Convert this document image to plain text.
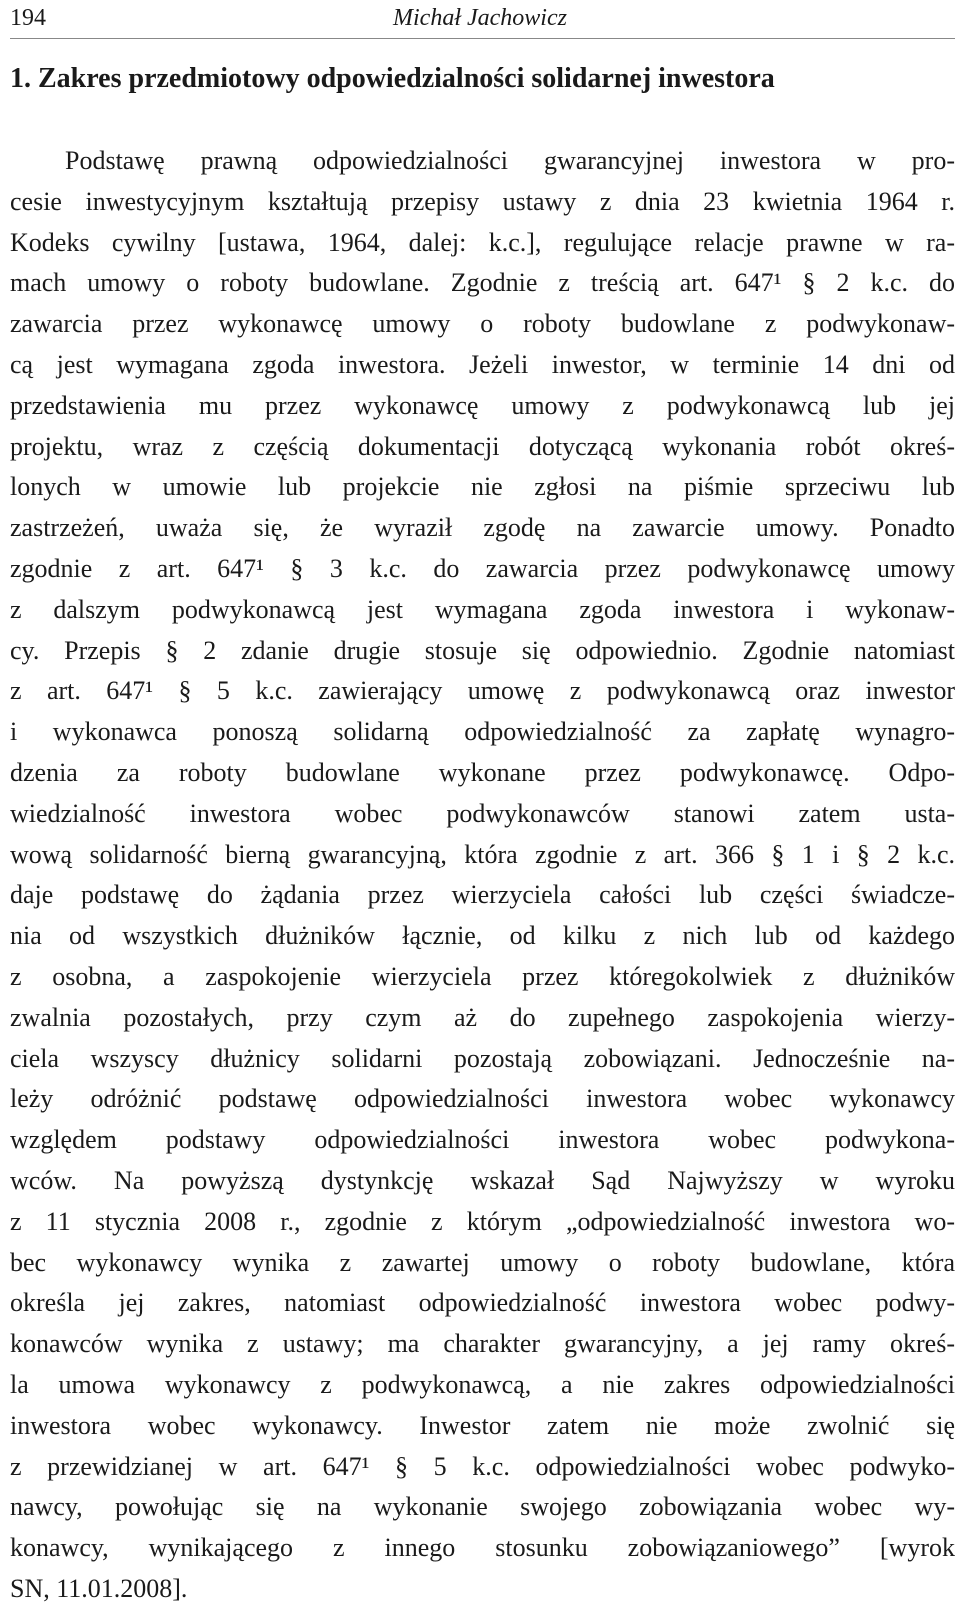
194	Michał Jachowicz
1. Zakres przedmiotowy odpowiedzialności solidarnej inwestora
Podstawę prawną odpowiedzialności gwarancyjnej inwestora w pro-
cesie inwestycyjnym kształtują przepisy ustawy z dnia 23 kwietnia 1964 r.
Kodeks cywilny [ustawa, 1964, dalej: k.c.], regulujące relacje prawne w ra-
mach umowy o roboty budowlane. Zgodnie z treścią art. 647¹ § 2 k.c. do
zawarcia przez wykonawcę umowy o roboty budowlane z podwykonaw-
cą jest wymagana zgoda inwestora. Jeżeli inwestor, w terminie 14 dni od
przedstawienia mu przez wykonawcę umowy z podwykonawcą lub jej
projektu, wraz z częścią dokumentacji dotyczącą wykonania robót okreś-
lonych w umowie lub projekcie nie zgłosi na piśmie sprzeciwu lub
zastrzeżeń, uważa się, że wyraził zgodę na zawarcie umowy. Ponadto
zgodnie z art. 647¹ § 3 k.c. do zawarcia przez podwykonawcę umowy
z dalszym podwykonawcą jest wymagana zgoda inwestora i wykonaw-
cy. Przepis § 2 zdanie drugie stosuje się odpowiednio. Zgodnie natomiast
z art. 647¹ § 5 k.c. zawierający umowę z podwykonawcą oraz inwestor
i wykonawca ponoszą solidarną odpowiedzialność za zapłatę wynagro-
dzenia za roboty budowlane wykonane przez podwykonawcę. Odpo-
wiedzialność inwestora wobec podwykonawców stanowi zatem usta-
wową solidarność bierną gwarancyjną, która zgodnie z art. 366 § 1 i § 2 k.c.
daje podstawę do żądania przez wierzyciela całości lub części świadcze-
nia od wszystkich dłużników łącznie, od kilku z nich lub od każdego
z osobna, a zaspokojenie wierzyciela przez któregokolwiek z dłużników
zwalnia pozostałych, przy czym aż do zupełnego zaspokojenia wierzy-
ciela wszyscy dłużnicy solidarni pozostają zobowiązani. Jednocześnie na-
leży odróżnić podstawę odpowiedzialności inwestora wobec wykonawcy
względem podstawy odpowiedzialności inwestora wobec podwykona-
wców. Na powyższą dystynkcję wskazał Sąd Najwyższy w wyroku
z 11 stycznia 2008 r., zgodnie z którym „odpowiedzialność inwestora wo-
bec wykonawcy wynika z zawartej umowy o roboty budowlane, która
określa jej zakres, natomiast odpowiedzialność inwestora wobec podwy-
konawców wynika z ustawy; ma charakter gwarancyjny, a jej ramy okreś-
la umowa wykonawcy z podwykonawcą, a nie zakres odpowiedzialności
inwestora wobec wykonawcy. Inwestor zatem nie może zwolnić się
z przewidzianej w art. 647¹ § 5 k.c. odpowiedzialności wobec podwyko-
nawcy, powołując się na wykonanie swojego zobowiązania wobec wy-
konawcy, wynikającego z innego stosunku zobowiązaniowego” [wyrok
SN, 11.01.2008].
